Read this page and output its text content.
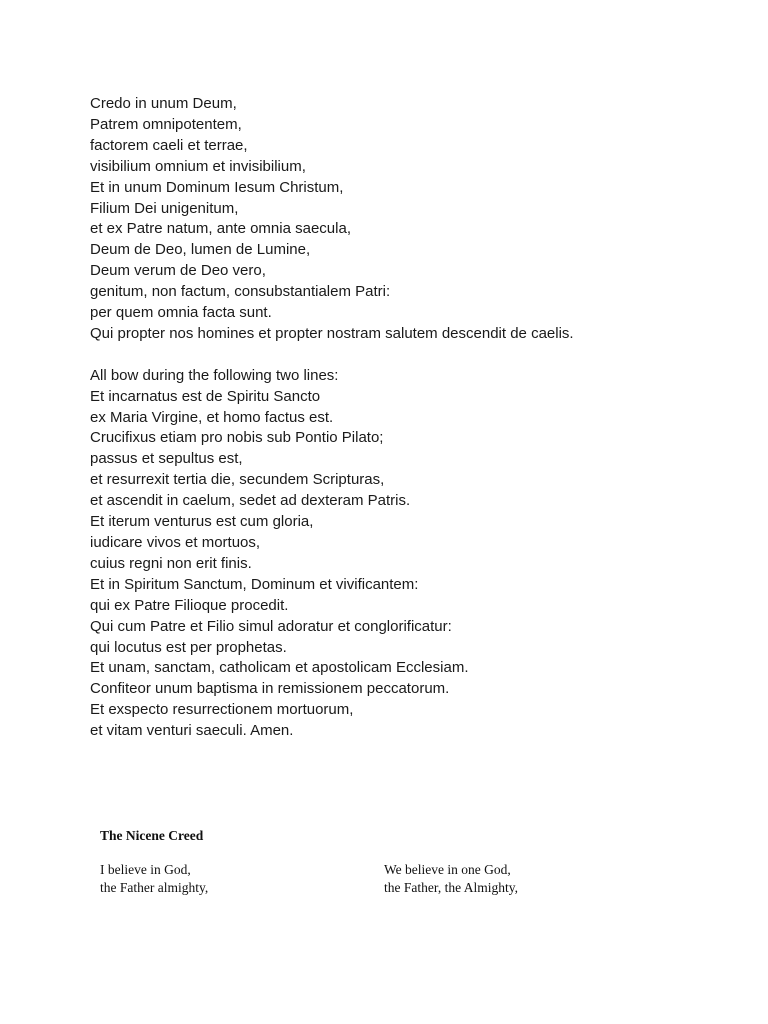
Credo in unum Deum,
Patrem omnipotentem,
factorem caeli et terrae,
visibilium omnium et invisibilium,
Et in unum Dominum Iesum Christum,
Filium Dei unigenitum,
et ex Patre natum, ante omnia saecula,
Deum de Deo, lumen de Lumine,
Deum verum de Deo vero,
genitum, non factum, consubstantialem Patri:
per quem omnia facta sunt.
Qui propter nos homines et propter nostram salutem descendit de caelis.
All bow during the following two lines:
Et incarnatus est de Spiritu Sancto
ex Maria Virgine, et homo factus est.
Crucifixus etiam pro nobis sub Pontio Pilato;
passus et sepultus est,
et resurrexit tertia die, secundem Scripturas,
et ascendit in caelum, sedet ad dexteram Patris.
Et iterum venturus est cum gloria,
iudicare vivos et mortuos,
cuius regni non erit finis.
Et in Spiritum Sanctum, Dominum et vivificantem:
qui ex Patre Filioque procedit.
Qui cum Patre et Filio simul adoratur et conglorificatur:
qui locutus est per prophetas.
Et unam, sanctam, catholicam et apostolicam Ecclesiam.
Confiteor unum baptisma in remissionem peccatorum.
Et exspecto resurrectionem mortuorum,
et vitam venturi saeculi. Amen.
The Nicene Creed
I believe in God,
the Father almighty,
We believe in one God,
the Father, the Almighty,
